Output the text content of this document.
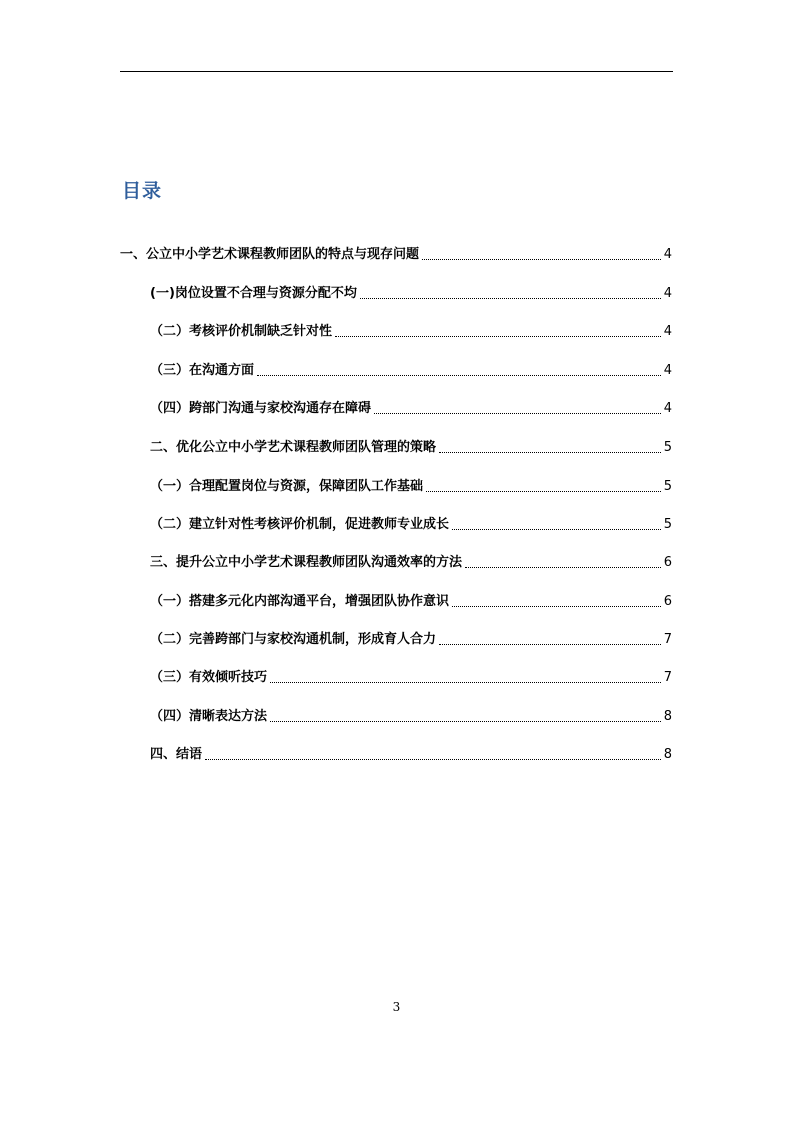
目录
一、公立中小学艺术课程教师团队的特点与现存问题	4
(一)岗位设置不合理与资源分配不均	4
（二）考核评价机制缺乏针对性	4
（三）在沟通方面	4
（四）跨部门沟通与家校沟通存在障碍	4
二、优化公立中小学艺术课程教师团队管理的策略	5
（一）合理配置岗位与资源，保障团队工作基础	5
（二）建立针对性考核评价机制，促进教师专业成长	5
三、提升公立中小学艺术课程教师团队沟通效率的方法	6
（一）搭建多元化内部沟通平台，增强团队协作意识	6
（二）完善跨部门与家校沟通机制，形成育人合力	7
（三）有效倾听技巧	7
（四）清晰表达方法	8
四、结语	8
3
